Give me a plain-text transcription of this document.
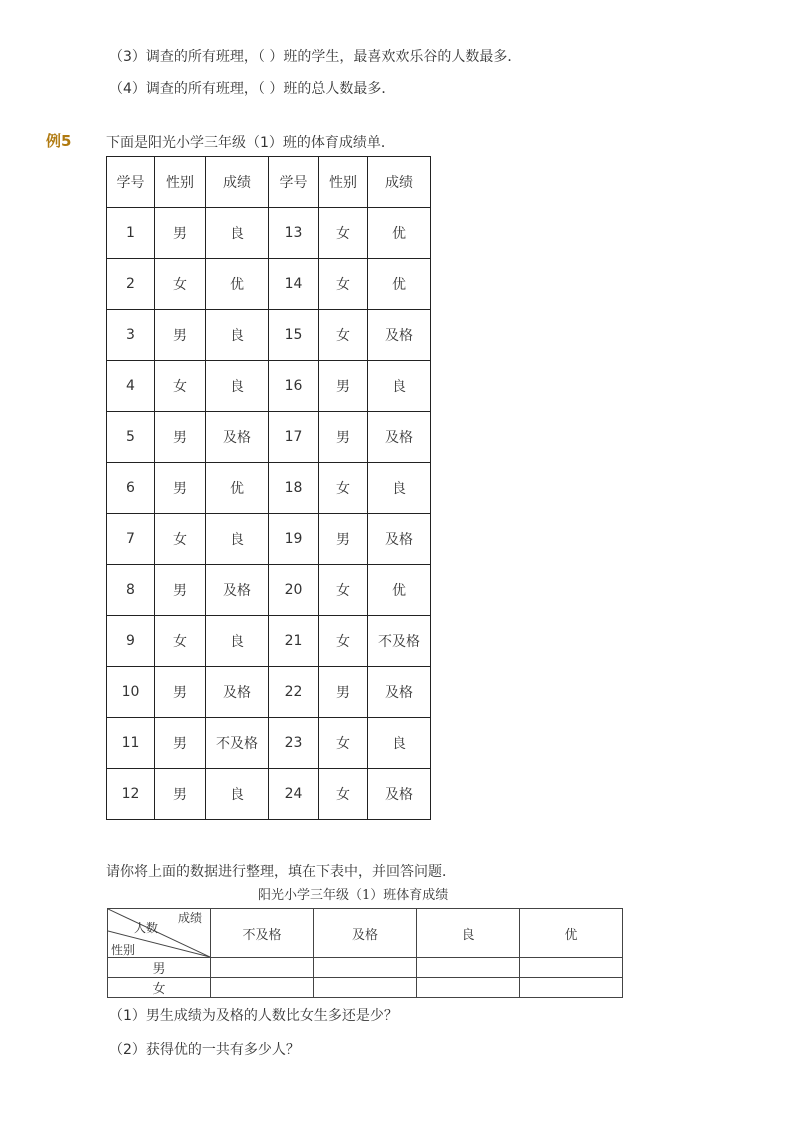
（3）调查的所有班理，（ ）班的学生，最喜欢欢乐谷的人数最多．
（4）调查的所有班理，（ ）班的总人数最多．
例5 下面是阳光小学三年级（1）班的体育成绩单．
学号	性别	成绩	学号	性别	成绩
1	男	良	13	女	优
2	女	优	14	女	优
3	男	良	15	女	及格
4	女	良	16	男	良
5	男	及格	17	男	及格
6	男	优	18	女	良
7	女	良	19	男	及格
8	男	及格	20	女	优
9	女	良	21	女	不及格
10	男	及格	22	男	及格
11	男	不及格	23	女	良
12	男	良	24	女	及格
请你将上面的数据进行整理，填在下表中，并回答问题．
阳光小学三年级（1）班体育成绩
成绩
人数
性别	不及格	及格	良	优
男				
女				
（1）男生成绩为及格的人数比女生多还是少？
（2）获得优的一共有多少人？
